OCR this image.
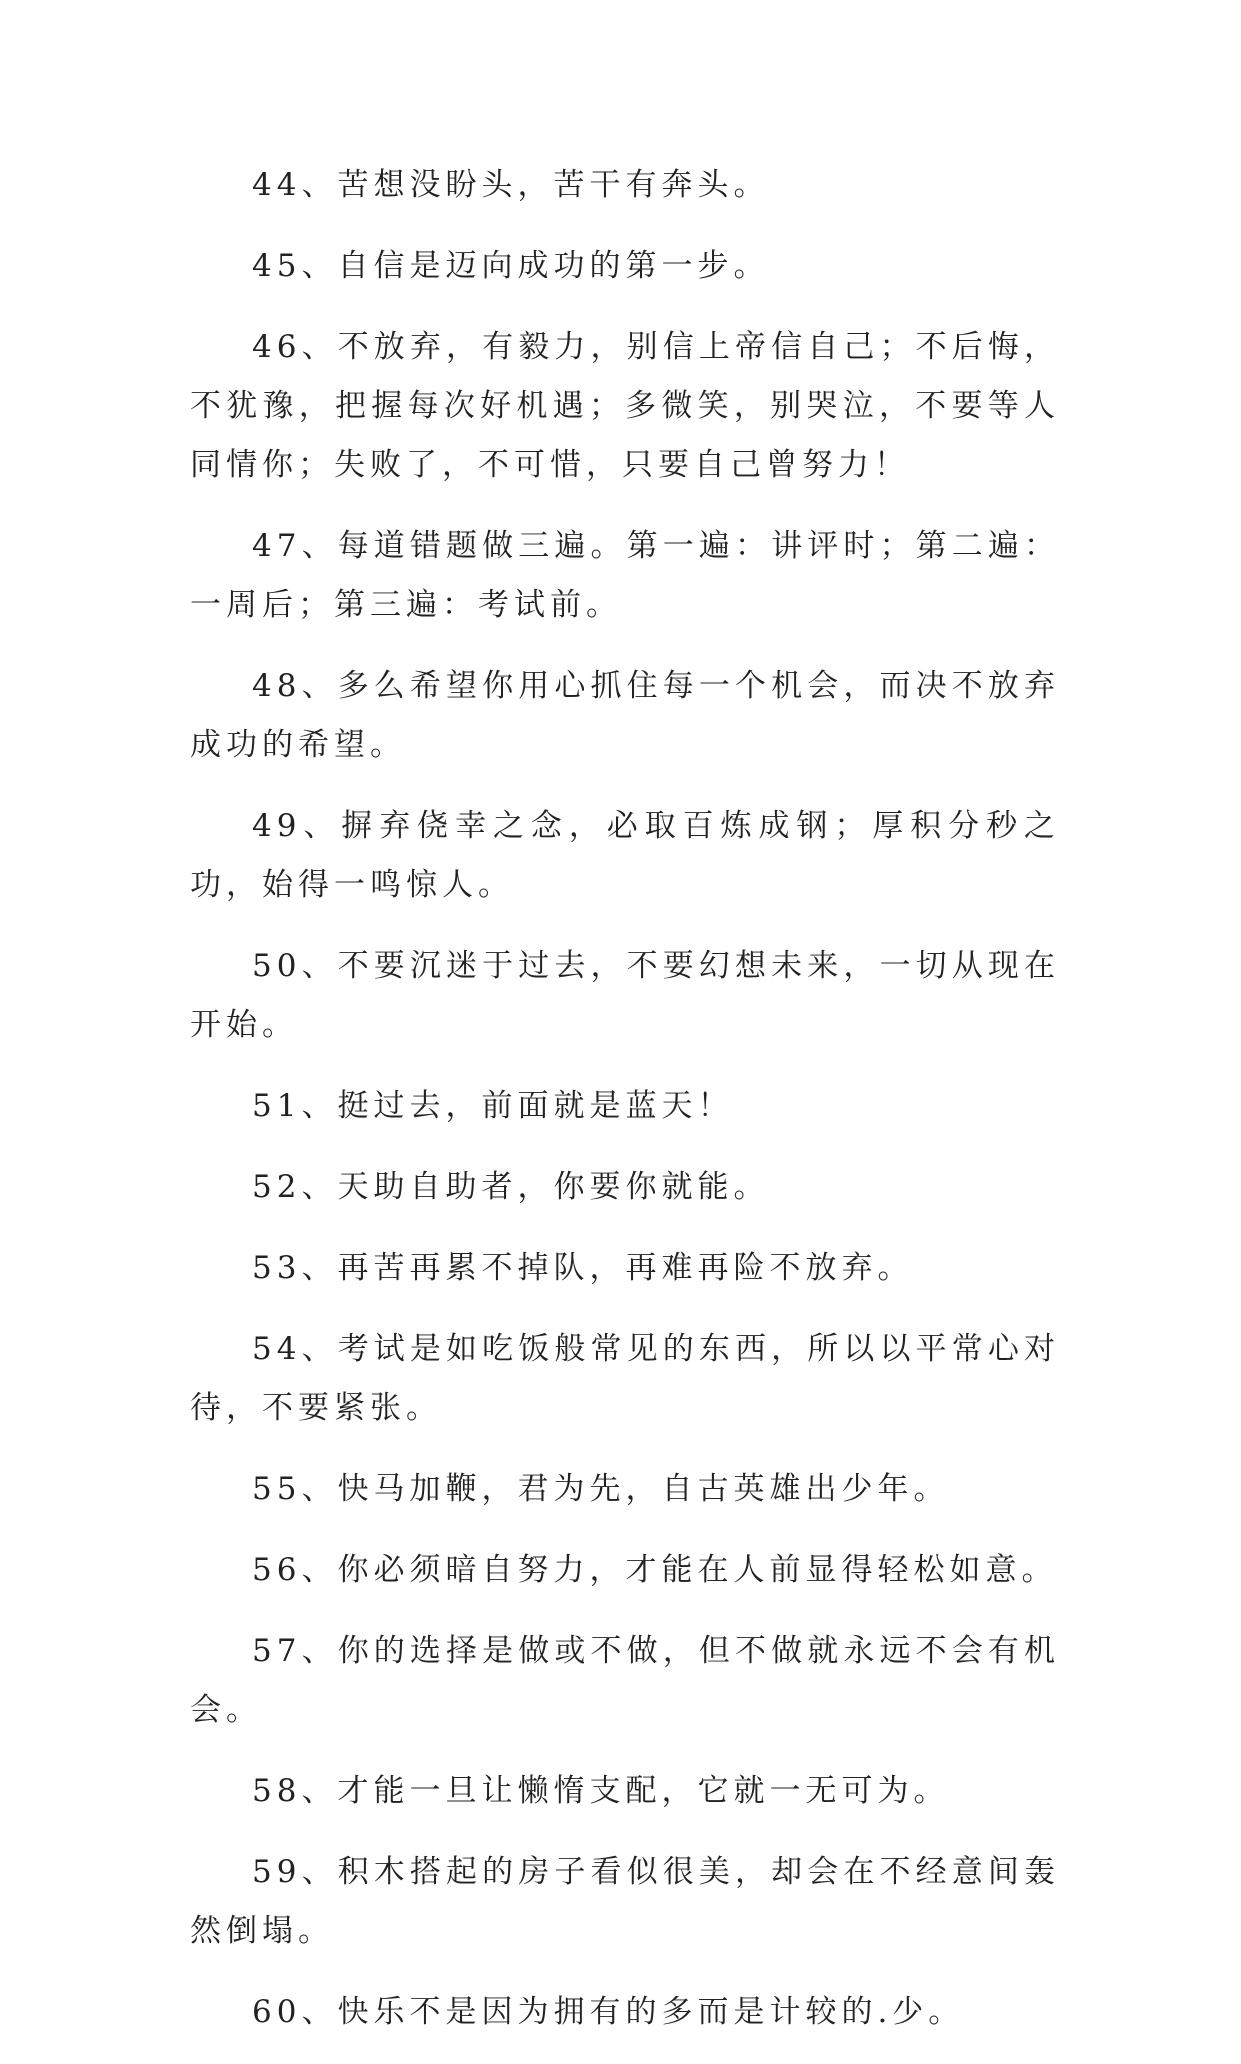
44、苦想没盼头，苦干有奔头。

45、自信是迈向成功的第一步。

46、不放弃，有毅力，别信上帝信自己；不后悔，不犹豫，把握每次好机遇；多微笑，别哭泣，不要等人同情你；失败了，不可惜，只要自己曾努力！

47、每道错题做三遍。第一遍：讲评时；第二遍：一周后；第三遍：考试前。

48、多么希望你用心抓住每一个机会，而决不放弃成功的希望。

49、摒弃侥幸之念，必取百炼成钢；厚积分秒之功，始得一鸣惊人。

50、不要沉迷于过去，不要幻想未来，一切从现在开始。

51、挺过去，前面就是蓝天！

52、天助自助者，你要你就能。

53、再苦再累不掉队，再难再险不放弃。

54、考试是如吃饭般常见的东西，所以以平常心对待，不要紧张。

55、快马加鞭，君为先，自古英雄出少年。

56、你必须暗自努力，才能在人前显得轻松如意。

57、你的选择是做或不做，但不做就永远不会有机会。

58、才能一旦让懒惰支配，它就一无可为。

59、积木搭起的房子看似很美，却会在不经意间轰然倒塌。

60、快乐不是因为拥有的多而是计较的.少。
